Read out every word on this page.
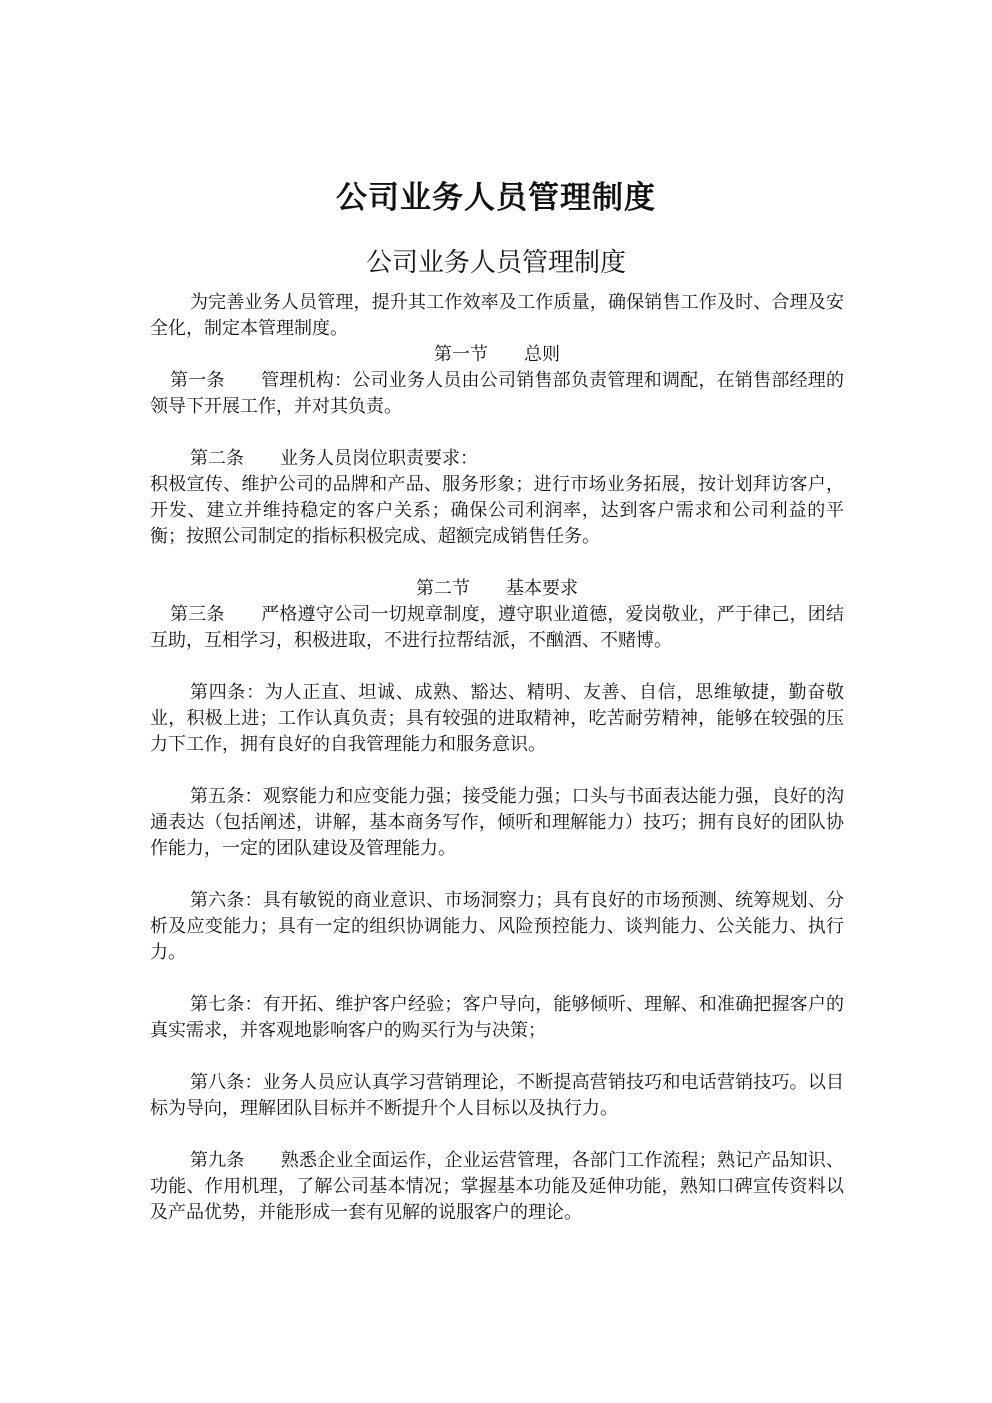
公司业务人员管理制度
公司业务人员管理制度
为完善业务人员管理，提升其工作效率及工作质量，确保销售工作及时、合理及安全化，制定本管理制度。
第一节　　总则
第一条　　管理机构：公司业务人员由公司销售部负责管理和调配，在销售部经理的领导下开展工作，并对其负责。
第二条　　业务人员岗位职责要求：
积极宣传、维护公司的品牌和产品、服务形象；进行市场业务拓展，按计划拜访客户，开发、建立并维持稳定的客户关系；确保公司利润率，达到客户需求和公司利益的平衡；按照公司制定的指标积极完成、超额完成销售任务。
第二节　　基本要求
第三条　　严格遵守公司一切规章制度，遵守职业道德，爱岗敬业，严于律己，团结互助，互相学习，积极进取，不进行拉帮结派，不酗酒、不赌博。
第四条：为人正直、坦诚、成熟、豁达、精明、友善、自信，思维敏捷，勤奋敬业，积极上进；工作认真负责；具有较强的进取精神，吃苦耐劳精神，能够在较强的压力下工作，拥有良好的自我管理能力和服务意识。
第五条：观察能力和应变能力强；接受能力强；口头与书面表达能力强，良好的沟通表达（包括阐述，讲解，基本商务写作，倾听和理解能力）技巧；拥有良好的团队协作能力，一定的团队建设及管理能力。
第六条：具有敏锐的商业意识、市场洞察力；具有良好的市场预测、统筹规划、分析及应变能力；具有一定的组织协调能力、风险预控能力、谈判能力、公关能力、执行力。
第七条：有开拓、维护客户经验；客户导向，能够倾听、理解、和准确把握客户的真实需求，并客观地影响客户的购买行为与决策；
第八条：业务人员应认真学习营销理论，不断提高营销技巧和电话营销技巧。以目标为导向，理解团队目标并不断提升个人目标以及执行力。
第九条　　熟悉企业全面运作，企业运营管理，各部门工作流程；熟记产品知识、功能、作用机理，了解公司基本情况；掌握基本功能及延伸功能，熟知口碑宣传资料以及产品优势，并能形成一套有见解的说服客户的理论。
